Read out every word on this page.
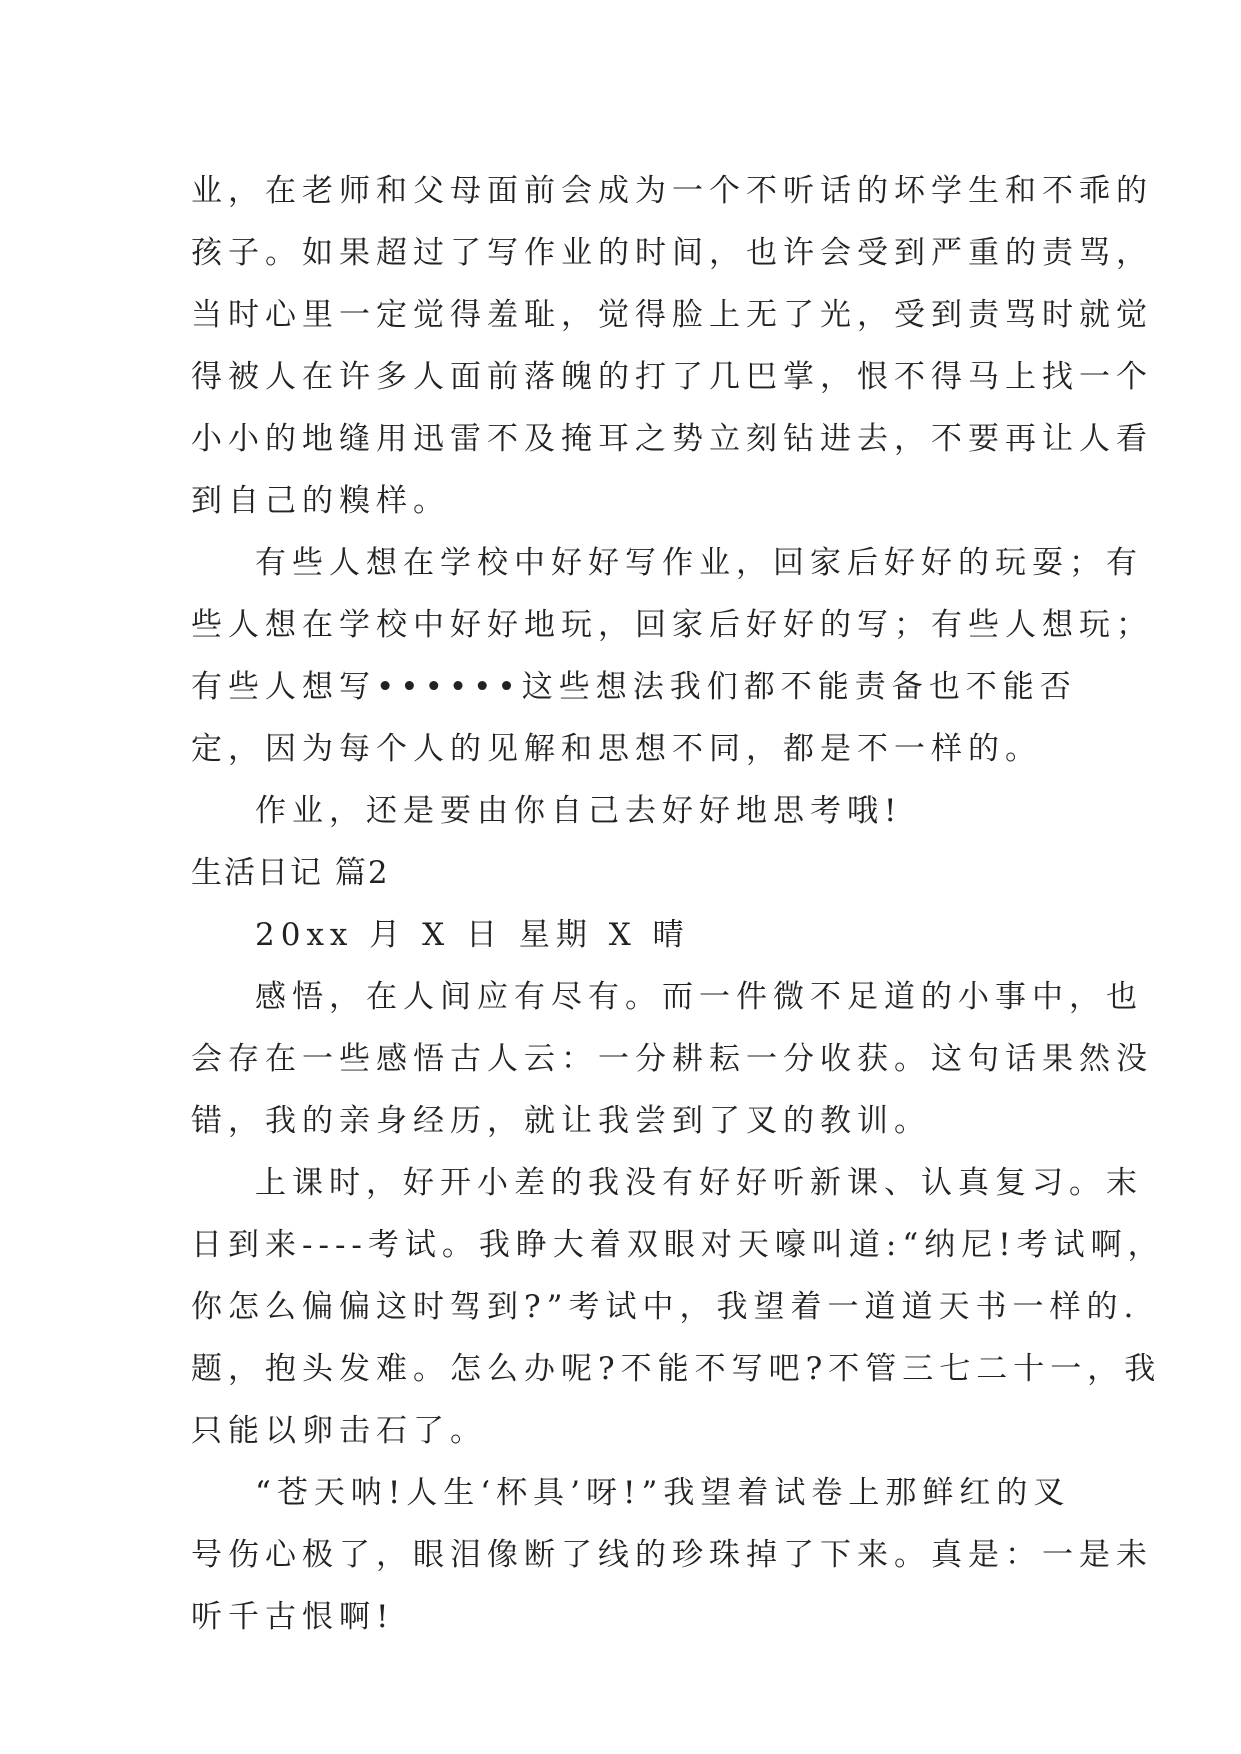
业，在老师和父母面前会成为一个不听话的坏学生和不乖的
孩子。如果超过了写作业的时间，也许会受到严重的责骂，
当时心里一定觉得羞耻，觉得脸上无了光，受到责骂时就觉
得被人在许多人面前落魄的打了几巴掌，恨不得马上找一个
小小的地缝用迅雷不及掩耳之势立刻钻进去，不要再让人看
到自己的糗样。
有些人想在学校中好好写作业，回家后好好的玩耍；有
些人想在学校中好好地玩，回家后好好的写；有些人想玩；
有些人想写••••••这些想法我们都不能责备也不能否
定，因为每个人的见解和思想不同，都是不一样的。
作业，还是要由你自己去好好地思考哦!
生活日记 篇2
20xx 月 X 日 星期 X 晴
感悟，在人间应有尽有。而一件微不足道的小事中，也
会存在一些感悟古人云：一分耕耘一分收获。这句话果然没
错，我的亲身经历，就让我尝到了叉的教训。
上课时，好开小差的我没有好好听新课、认真复习。末
日到来----考试。我睁大着双眼对天嚎叫道:“纳尼!考试啊，
你怎么偏偏这时驾到?”考试中，我望着一道道天书一样的.
题，抱头发难。怎么办呢?不能不写吧?不管三七二十一，我
只能以卵击石了。
“苍天呐!人生‘杯具’呀!”我望着试卷上那鲜红的叉
号伤心极了，眼泪像断了线的珍珠掉了下来。真是：一是未
听千古恨啊!
